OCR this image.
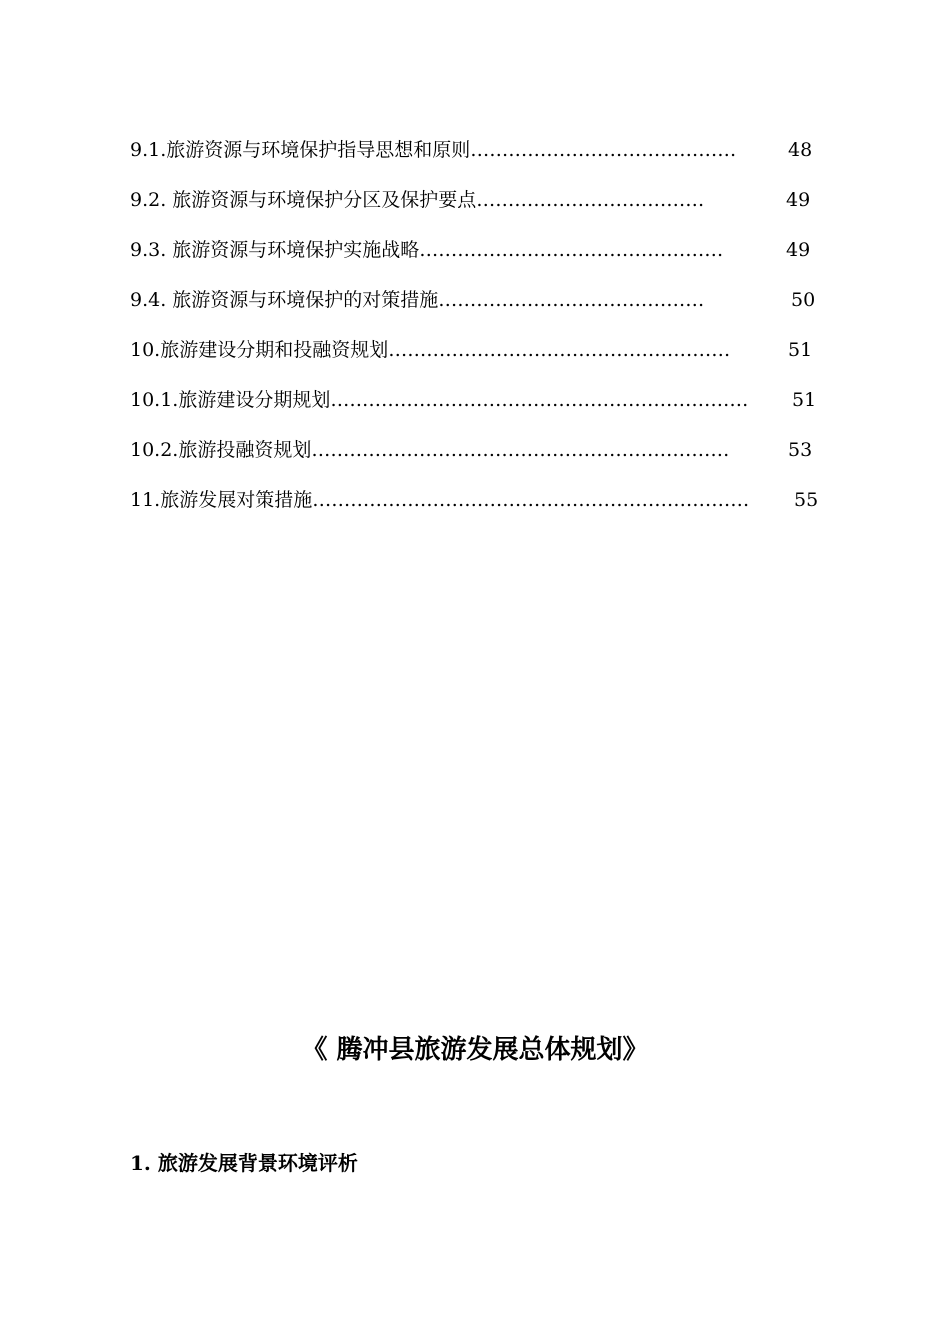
9.1.旅游资源与环境保护指导思想和原则……………………………………	48
9.2. 旅游资源与环境保护分区及保护要点………………………………	49
9.3. 旅游资源与环境保护实施战略…………………………………………	49
9.4. 旅游资源与环境保护的对策措施……………………………………	50
10.旅游建设分期和投融资规划………………………………………………	51
10.1.旅游建设分期规划………………………………………………………… 51
10.2.旅游投融资规划…………………………………………………………	53
11.旅游发展对策措施…………………………………………………………… 55
《 腾冲县旅游发展总体规划》
1. 旅游发展背景环境评析
